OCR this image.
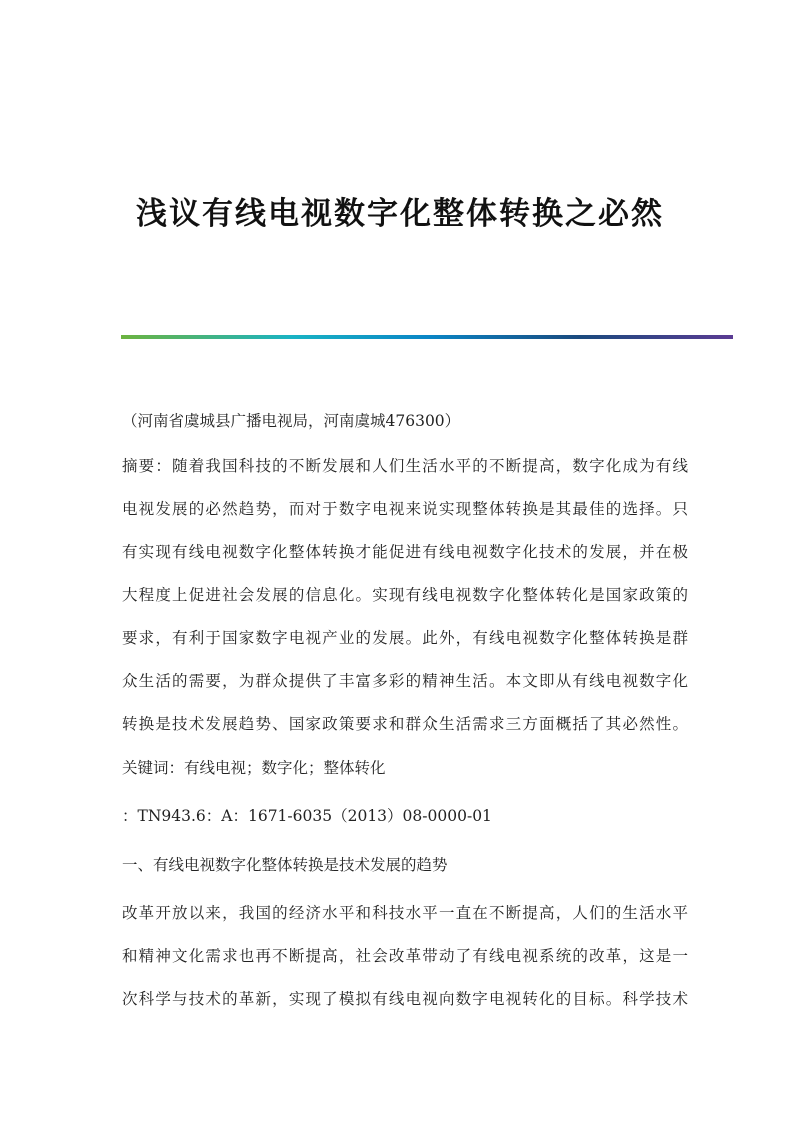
浅议有线电视数字化整体转换之必然
（河南省虞城县广播电视局，河南虞城476300）
摘要：随着我国科技的不断发展和人们生活水平的不断提高，数字化成为有线
电视发展的必然趋势，而对于数字电视来说实现整体转换是其最佳的选择。只
有实现有线电视数字化整体转换才能促进有线电视数字化技术的发展，并在极
大程度上促进社会发展的信息化。实现有线电视数字化整体转化是国家政策的
要求，有利于国家数字电视产业的发展。此外，有线电视数字化整体转换是群
众生活的需要，为群众提供了丰富多彩的精神生活。本文即从有线电视数字化
转换是技术发展趋势、国家政策要求和群众生活需求三方面概括了其必然性。
关键词：有线电视；数字化；整体转化
：TN943.6：A：1671-6035（2013）08-0000-01
一、有线电视数字化整体转换是技术发展的趋势
改革开放以来，我国的经济水平和科技水平一直在不断提高，人们的生活水平
和精神文化需求也再不断提高，社会改革带动了有线电视系统的改革，这是一
次科学与技术的革新，实现了模拟有线电视向数字电视转化的目标。科学技术
